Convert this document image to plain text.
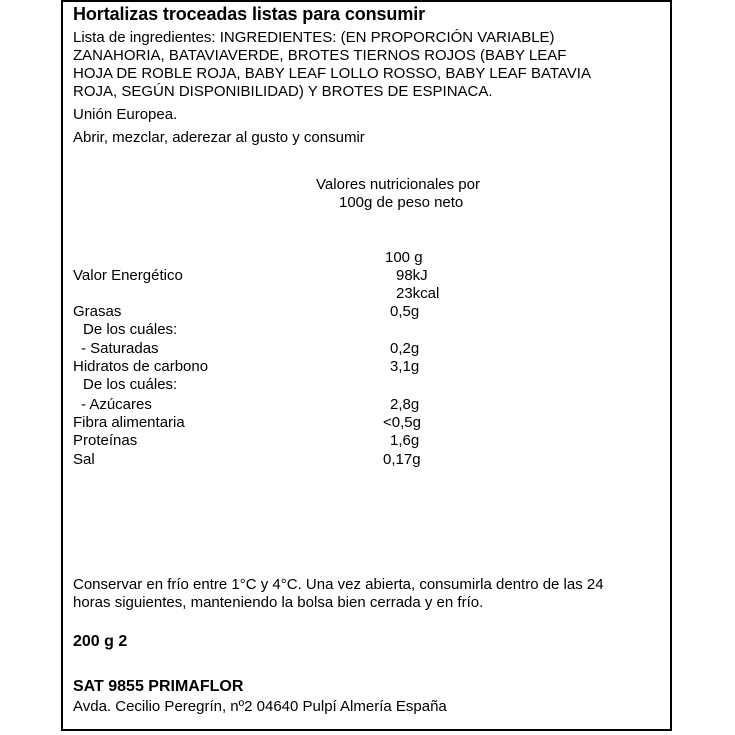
Hortalizas troceadas listas para consumir
Lista de ingredientes: INGREDIENTES: (EN PROPORCIÓN VARIABLE)
ZANAHORIA, BATAVIAVERDE, BROTES TIERNOS ROJOS (BABY LEAF
HOJA DE ROBLE ROJA, BABY LEAF LOLLO ROSSO, BABY LEAF BATAVIA
ROJA, SEGÚN DISPONIBILIDAD) Y BROTES DE ESPINACA.
Unión Europea.
Abrir, mezclar, aderezar al gusto y consumir
Valores nutricionales por
100g de peso neto
100 g
Valor Energético	98kJ
23kcal
Grasas	0,5g
De los cuáles:
- Saturadas	0,2g
Hidratos de carbono	3,1g
De los cuáles:
- Azúcares	2,8g
Fibra alimentaria	<0,5g
Proteínas	1,6g
Sal	0,17g
Conservar en frío entre 1°C y 4°C. Una vez abierta, consumirla dentro de las 24
horas siguientes, manteniendo la bolsa bien cerrada y en frío.
200 g 2
SAT 9855 PRIMAFLOR
Avda. Cecilio Peregrín, nº2 04640 Pulpí Almería España
